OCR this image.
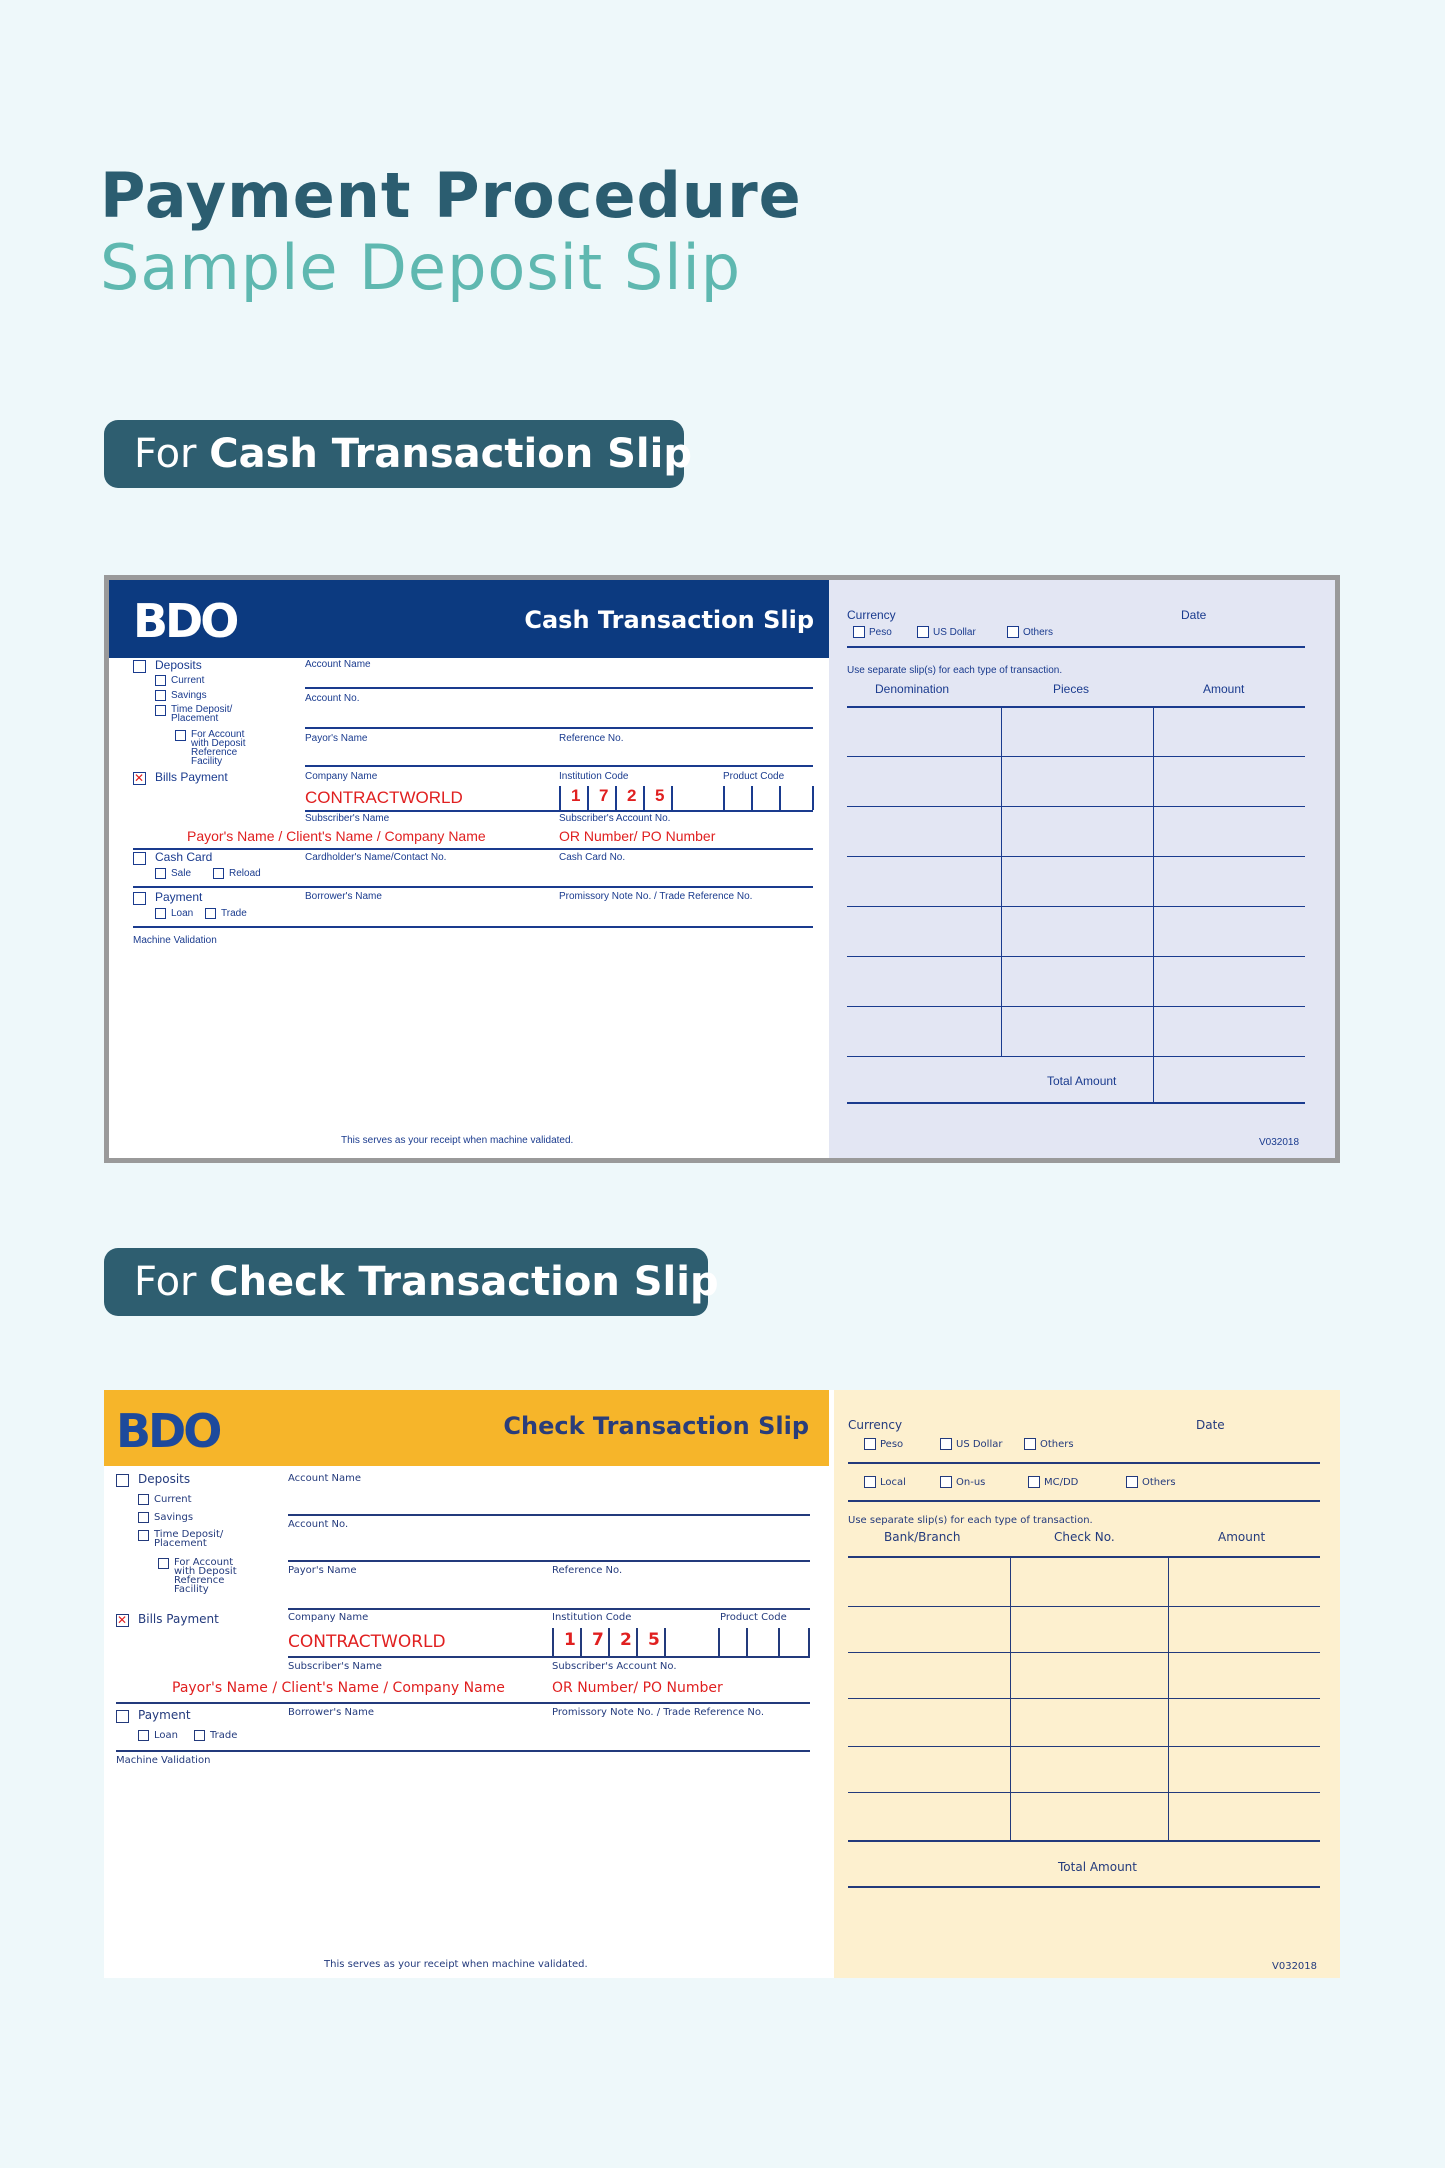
Payment Procedure
Sample Deposit Slip
For Cash Transaction Slip
BDO	Cash Transaction Slip
Deposits
Current
Savings
Time Deposit/
Placement
For Account
with Deposit
Reference
Facility
✕
Bills Payment
Cash Card
Sale	Reload
Payment
Loan	Trade
Machine Validation
Account Name
Account No.
Payor's Name	Reference No.
Company Name	Institution Code	Product Code
CONTRACTWORLD	1 7 2 5
Subscriber's Name	Subscriber's Account No.
Payor's Name / Client's Name / Company Name	OR Number/ PO Number
Cardholder's Name/Contact No.	Cash Card No.
Borrower's Name	Promissory Note No. / Trade Reference No.
This serves as your receipt when machine validated.
Currency	Date
Peso	US Dollar	Others
Use separate slip(s) for each type of transaction.
Denomination	Pieces	Amount
Total Amount
V032018
For Check Transaction Slip
BDO	Check Transaction Slip
Deposits
Current
Savings
Time Deposit/
Placement
For Account
with Deposit
Reference
Facility
✕
Bills Payment
Payment
Loan	Trade
Machine Validation
Account Name
Account No.
Payor's Name	Reference No.
Company Name	Institution Code	Product Code
CONTRACTWORLD	1 7 2 5
Subscriber's Name	Subscriber's Account No.
Payor's Name / Client's Name / Company Name	OR Number/ PO Number
Borrower's Name	Promissory Note No. / Trade Reference No.
This serves as your receipt when machine validated.
Currency	Date
Peso	US Dollar	Others
Local	On-us	MC/DD	Others
Use separate slip(s) for each type of transaction.
Bank/Branch	Check No.	Amount
Total Amount
V032018
